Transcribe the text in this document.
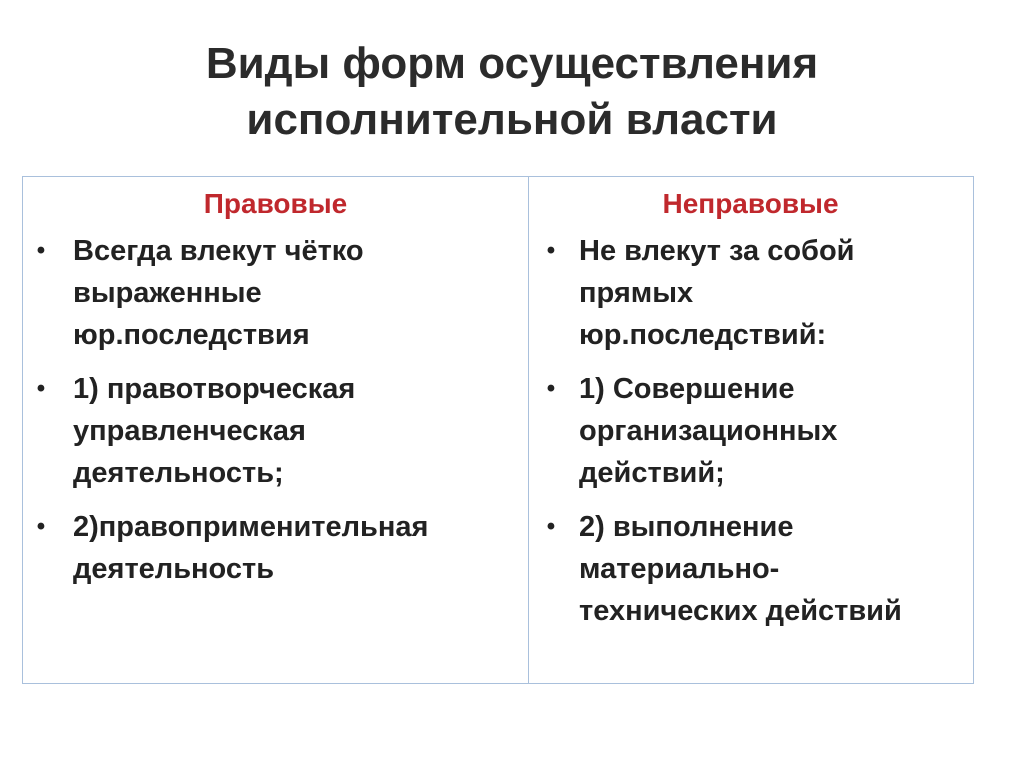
Виды форм осуществления
исполнительной власти
Правовые
• Всегда влекут чётко
выраженные
юр.последствия
• 1) правотворческая
управленческая
деятельность;
• 2)правоприменительная
деятельность
Неправовые
• Не влекут за собой
прямых
юр.последствий:
• 1) Совершение
организационных
действий;
• 2) выполнение
материально-
технических действий
